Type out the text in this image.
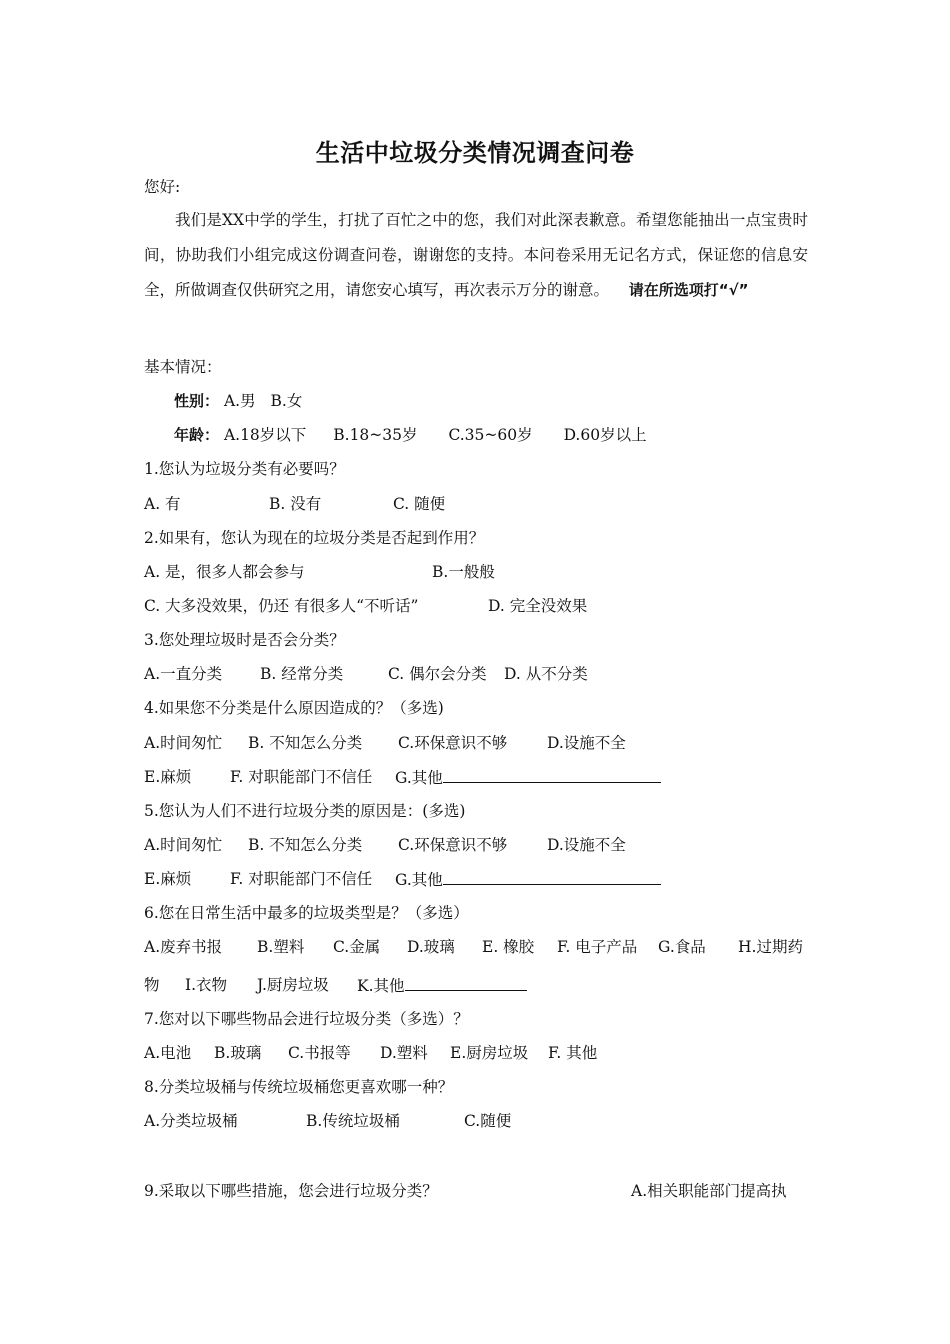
生活中垃圾分类情况调查问卷
您好:
我们是XX中学的学生，打扰了百忙之中的您，我们对此深表歉意。希望您能抽出一点宝贵时间，协助我们小组完成这份调查问卷，谢谢您的支持。本问卷采用无记名方式，保证您的信息安全，所做调查仅供研究之用，请您安心填写，再次表示万分的谢意。 请在所选项打“√”
基本情况：
性别： A.男 B.女
年龄： A.18岁以下 B.18~35岁 C.35~60岁 D.60岁以上
1.您认为垃圾分类有必要吗？
A. 有	B. 没有	C. 随便
2.如果有，您认为现在的垃圾分类是否起到作用？
A. 是，很多人都会参与	B.一般般
C. 大多没效果，仍还 有很多人“不听话”	D. 完全没效果
3.您处理垃圾时是否会分类？
A.一直分类 B. 经常分类	C. 偶尔会分类 D. 从不分类
4.如果您不分类是什么原因造成的？（多选)
A.时间匆忙 B. 不知怎么分类 C.环保意识不够	D.设施不全
E.麻烦	F. 对职能部门不信任 G.其他
5.您认为人们不进行垃圾分类的原因是：(多选)
A.时间匆忙 B. 不知怎么分类 C.环保意识不够	D.设施不全
E.麻烦	F. 对职能部门不信任 G.其他
6.您在日常生活中最多的垃圾类型是？（多选）
A.废弃书报 B.塑料 C.金属 D.玻璃 E. 橡胶 F. 电子产品 G.食品 H.过期药
物 I.衣物 J.厨房垃圾 K.其他
7.您对以下哪些物品会进行垃圾分类（多选）？
A.电池 B.玻璃 C.书报等 D.塑料 E.厨房垃圾 F. 其他
8.分类垃圾桶与传统垃圾桶您更喜欢哪一种？
A.分类垃圾桶	B.传统垃圾桶	C.随便
9.采取以下哪些措施，您会进行垃圾分类？	A.相关职能部门提高执
